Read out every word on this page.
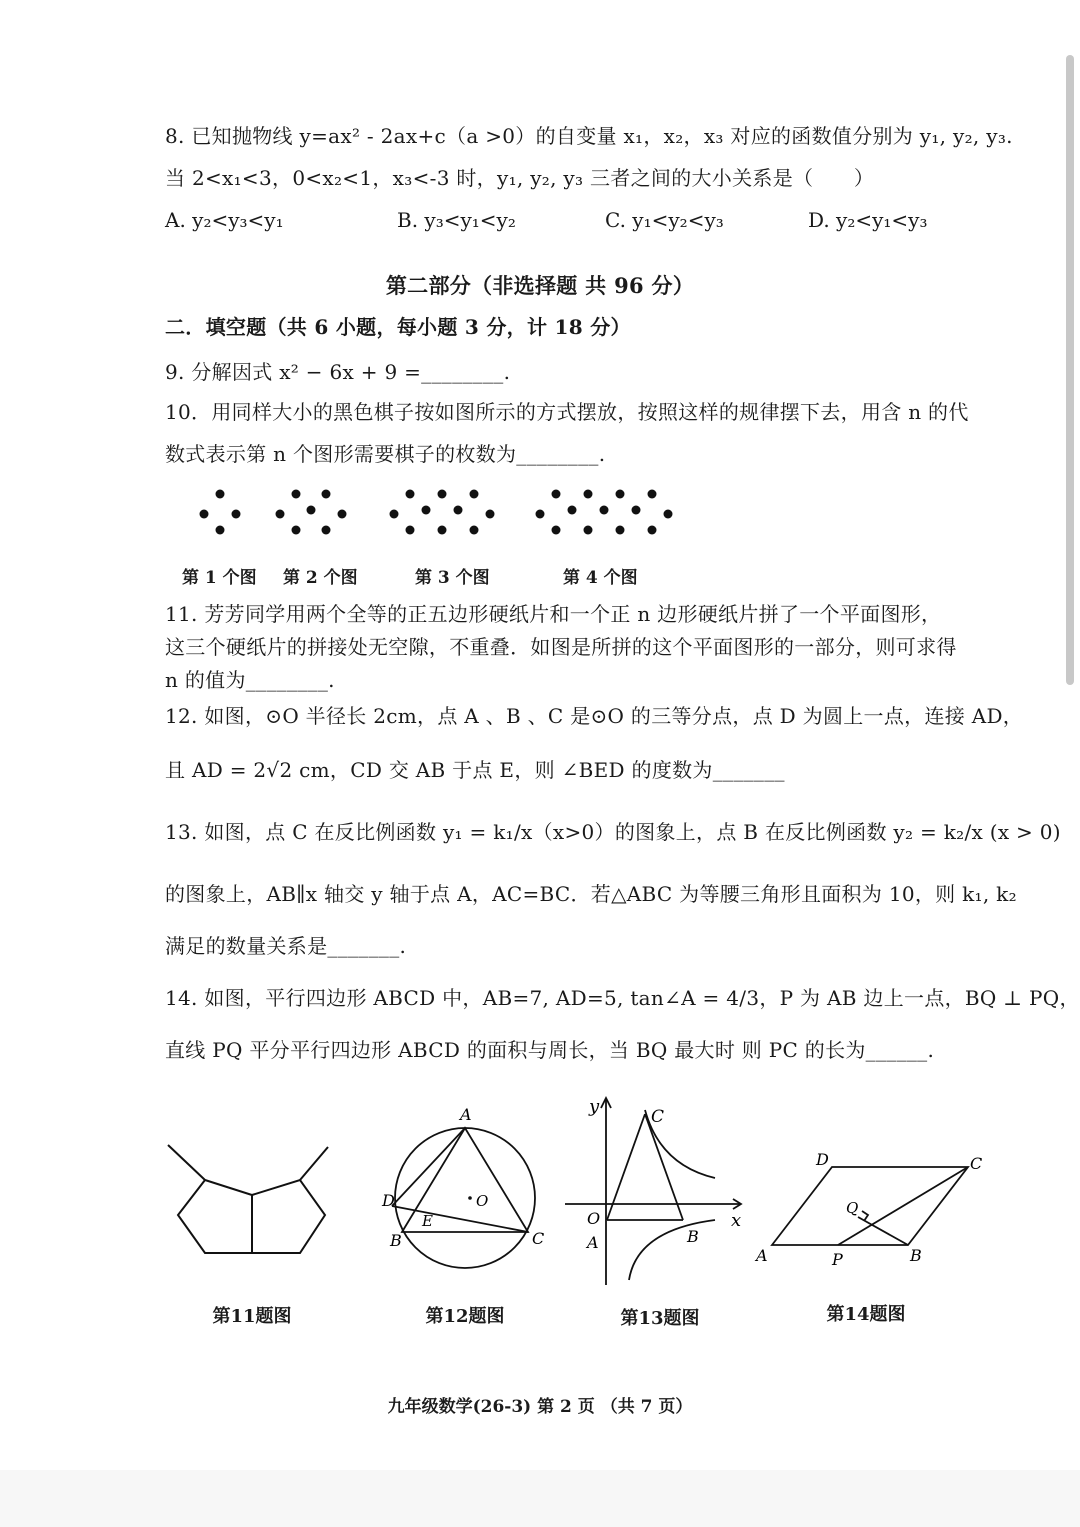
8. 已知抛物线 y=ax² - 2ax+c（a >0）的自变量 x₁，x₂，x₃ 对应的函数值分别为 y₁, y₂, y₃.
当 2<x₁<3，0<x₂<1，x₃<-3 时，y₁, y₂, y₃ 三者之间的大小关系是（　　）
A. y₂<y₃<y₁	B. y₃<y₁<y₂	C. y₁<y₂<y₃	D. y₂<y₁<y₃
第二部分（非选择题 共 96 分）
二．填空题（共 6 小题，每小题 3 分，计 18 分）
9. 分解因式 x² − 6x + 9 =________.
10．用同样大小的黑色棋子按如图所示的方式摆放，按照这样的规律摆下去，用含 n 的代
数式表示第 n 个图形需要棋子的枚数为________.
第 1 个图 第 2 个图	第 3 个图	第 4 个图
11. 芳芳同学用两个全等的正五边形硬纸片和一个正 n 边形硬纸片拼了一个平面图形，
这三个硬纸片的拼接处无空隙，不重叠．如图是所拼的这个平面图形的一部分，则可求得
n 的值为________.
12. 如图，⊙O 半径长 2cm，点 A 、B 、C 是⊙O 的三等分点，点 D 为圆上一点，连接 AD，
且 AD = 2√2 cm，CD 交 AB 于点 E，则 ∠BED 的度数为_______
13. 如图，点 C 在反比例函数 y₁ = k₁/x（x>0）的图象上，点 B 在反比例函数 y₂ = k₂/x (x > 0)
的图象上，AB∥x 轴交 y 轴于点 A，AC=BC．若△ABC 为等腰三角形且面积为 10，则 k₁, k₂
满足的数量关系是_______.
14. 如图，平行四边形 ABCD 中，AB=7, AD=5, tan∠A = 4/3，P 为 AB 边上一点，BQ ⊥ PQ，
直线 PQ 平分平行四边形 ABCD 的面积与周长，当 BQ 最大时 则 PC 的长为______.
A
D
E
B	C
O
y	C
O	x
A	B
D	C
Q
A	P	B
第11题图	第12题图	第13题图	第14题图
九年级数学(26-3) 第 2 页 （共 7 页）
